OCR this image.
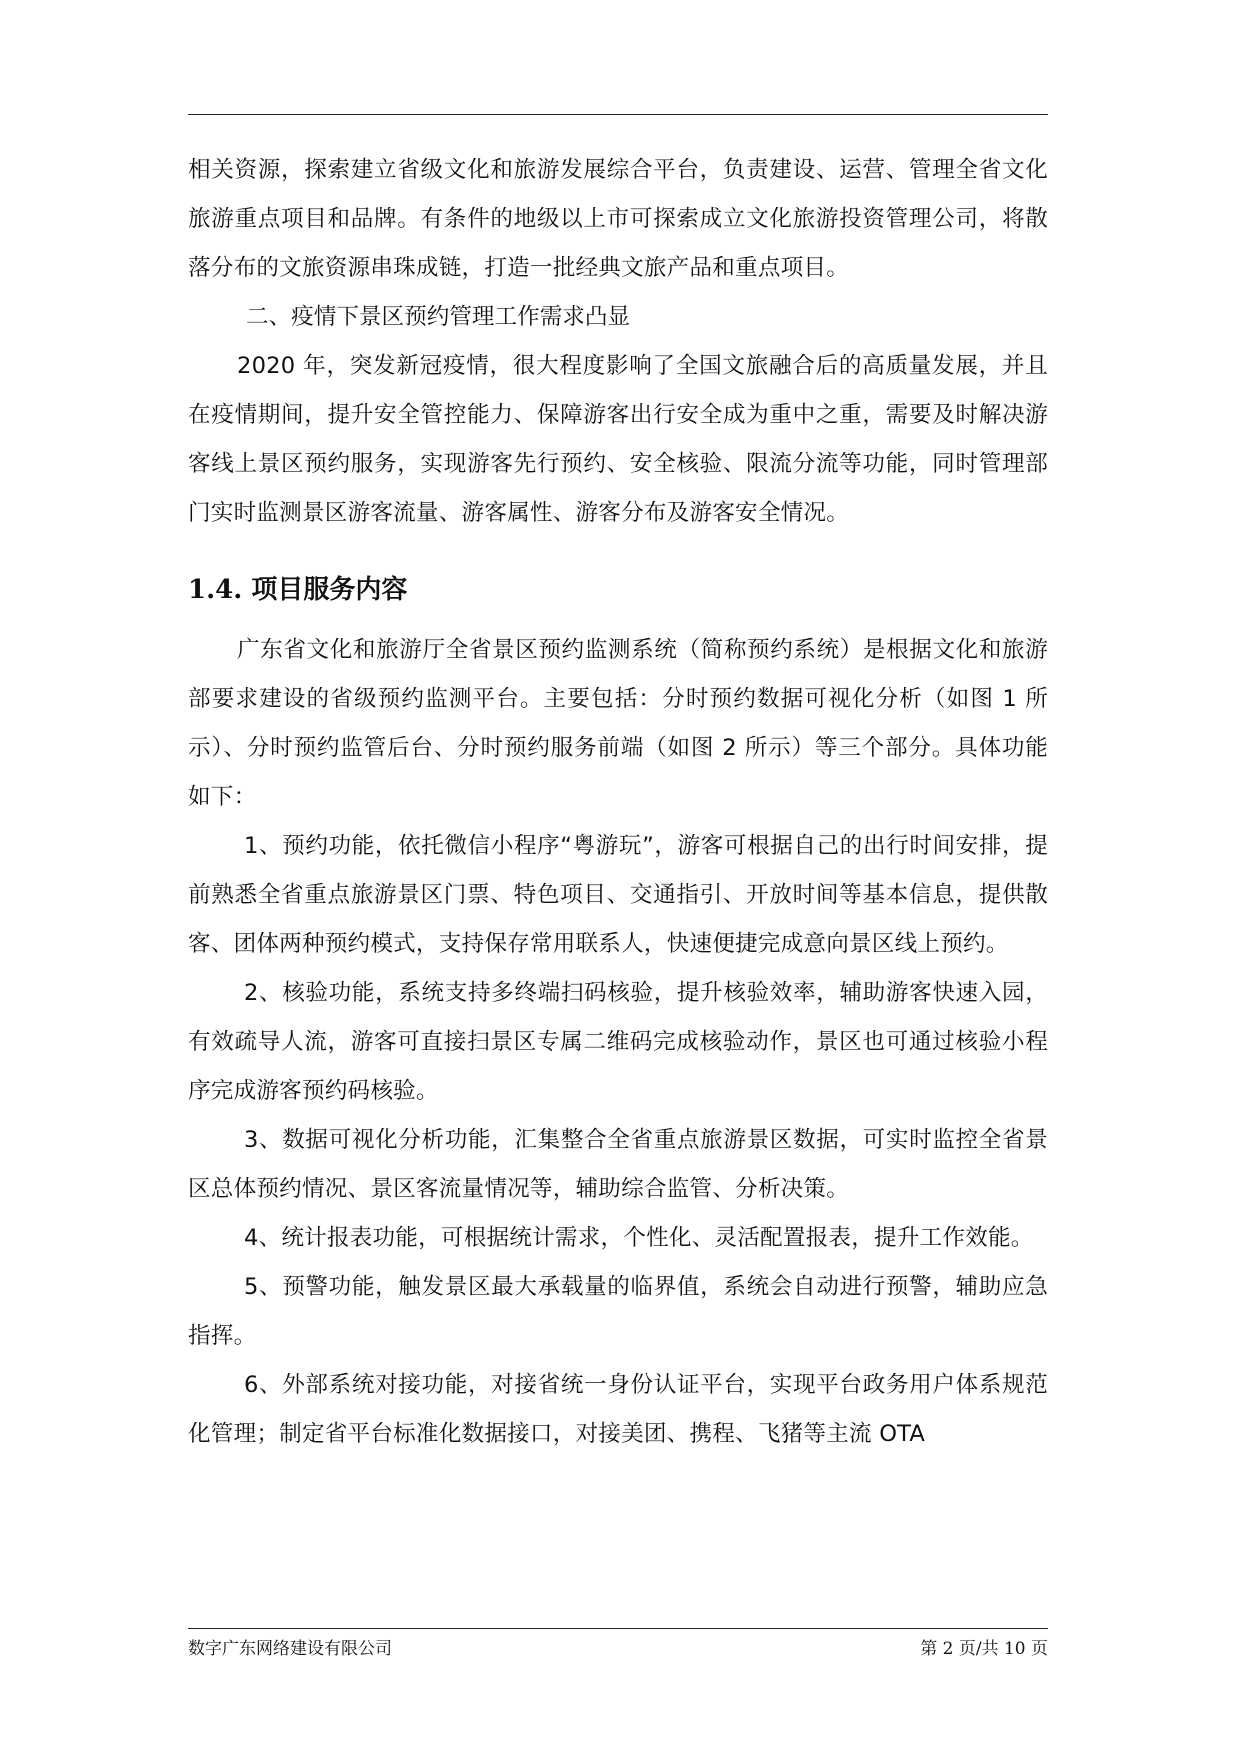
相关资源，探索建立省级文化和旅游发展综合平台，负责建设、运营、管理全省文化旅游重点项目和品牌。有条件的地级以上市可探索成立文化旅游投资管理公司，将散落分布的文旅资源串珠成链，打造一批经典文旅产品和重点项目。

二、疫情下景区预约管理工作需求凸显

2020 年，突发新冠疫情，很大程度影响了全国文旅融合后的高质量发展，并且在疫情期间，提升安全管控能力、保障游客出行安全成为重中之重，需要及时解决游客线上景区预约服务，实现游客先行预约、安全核验、限流分流等功能，同时管理部门实时监测景区游客流量、游客属性、游客分布及游客安全情况。

1.4. 项目服务内容

广东省文化和旅游厅全省景区预约监测系统（简称预约系统）是根据文化和旅游部要求建设的省级预约监测平台。主要包括：分时预约数据可视化分析（如图 1 所示）、分时预约监管后台、分时预约服务前端（如图 2 所示）等三个部分。具体功能如下：

1、预约功能，依托微信小程序“粤游玩”，游客可根据自己的出行时间安排，提前熟悉全省重点旅游景区门票、特色项目、交通指引、开放时间等基本信息，提供散客、团体两种预约模式，支持保存常用联系人，快速便捷完成意向景区线上预约。

2、核验功能，系统支持多终端扫码核验，提升核验效率，辅助游客快速入园，有效疏导人流，游客可直接扫景区专属二维码完成核验动作，景区也可通过核验小程序完成游客预约码核验。

3、数据可视化分析功能，汇集整合全省重点旅游景区数据，可实时监控全省景区总体预约情况、景区客流量情况等，辅助综合监管、分析决策。

4、统计报表功能，可根据统计需求，个性化、灵活配置报表，提升工作效能。

5、预警功能，触发景区最大承载量的临界值，系统会自动进行预警，辅助应急指挥。

6、外部系统对接功能，对接省统一身份认证平台，实现平台政务用户体系规范化管理；制定省平台标准化数据接口，对接美团、携程、飞猪等主流 OTA

数字广东网络建设有限公司	第 2 页/共 10 页
